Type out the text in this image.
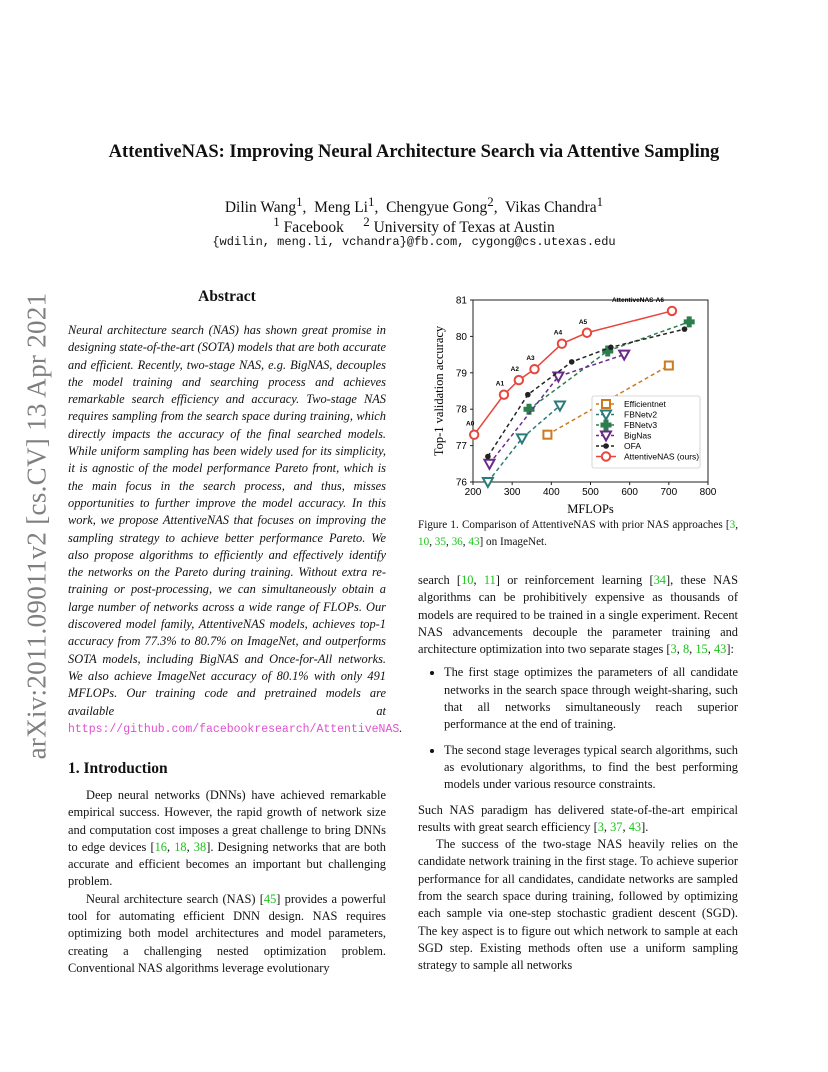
arXiv:2011.09011v2 [cs.CV] 13 Apr 2021
AttentiveNAS: Improving Neural Architecture Search via Attentive Sampling
Dilin Wang$^1$,  Meng Li$^1$,  Chengyue Gong$^2$,  Vikas Chandra$^1$
$^1$ Facebook $^2$ University of Texas at Austin
{wdilin, meng.li, vchandra}@fb.com, cygong@cs.utexas.edu
Abstract
Neural architecture search (NAS) has shown great promise in designing state-of-the-art (SOTA) models that are both accurate and efficient. Recently, two-stage NAS, e.g. BigNAS, decouples the model training and searching process and achieves remarkable search efficiency and accuracy. Two-stage NAS requires sampling from the search space during training, which directly impacts the accuracy of the final searched models. While uniform sampling has been widely used for its simplicity, it is agnostic of the model performance Pareto front, which is the main focus in the search process, and thus, misses opportunities to further improve the model accuracy. In this work, we propose AttentiveNAS that focuses on improving the sampling strategy to achieve better performance Pareto. We also propose algorithms to efficiently and effectively identify the networks on the Pareto during training. Without extra re-training or post-processing, we can simultaneously obtain a large number of networks across a wide range of FLOPs. Our discovered model family, AttentiveNAS models, achieves top-1 accuracy from 77.3% to 80.7% on ImageNet, and outperforms SOTA models, including BigNAS and Once-for-All networks. We also achieve ImageNet accuracy of 80.1% with only 491 MFLOPs. Our training code and pretrained models are available at https://github.com/facebookresearch/AttentiveNAS.
1. Introduction

Deep neural networks (DNNs) have achieved remarkable empirical success. However, the rapid growth of network size and computation cost imposes a great challenge to bring DNNs to edge devices [16, 18, 38]. Designing networks that are both accurate and efficient becomes an important but challenging problem.

Neural architecture search (NAS) [45] provides a powerful tool for automating efficient DNN design. NAS requires optimizing both model architectures and model parameters, creating a challenging nested optimization problem. Conventional NAS algorithms leverage evolutionary

200 300 400 500 600 700 800
76
77
78
79
80
81
MFLOPs
Top-1 validation accuracy	A0
A1
A2
A3
A4
A5
AttentiveNAS-A6
Efficientnet
FBNetv2
FBNetv3
BigNas
OFA
AttentiveNAS (ours)
Figure 1. Comparison of AttentiveNAS with prior NAS approaches [3, 10, 35, 36, 43] on ImageNet.

search [10, 11] or reinforcement learning [34], these NAS algorithms can be prohibitively expensive as thousands of models are required to be trained in a single experiment. Recent NAS advancements decouple the parameter training and architecture optimization into two separate stages [3, 8, 15, 43]:

• The first stage optimizes the parameters of all candidate networks in the search space through weight-sharing, such that all networks simultaneously reach superior performance at the end of training.
• The second stage leverages typical search algorithms, such as evolutionary algorithms, to find the best performing models under various resource constraints.

Such NAS paradigm has delivered state-of-the-art empirical results with great search efficiency [3, 37, 43].

The success of the two-stage NAS heavily relies on the candidate network training in the first stage. To achieve superior performance for all candidates, candidate networks are sampled from the search space during training, followed by optimizing each sample via one-step stochastic gradient descent (SGD). The key aspect is to figure out which network to sample at each SGD step. Existing methods often use a uniform sampling strategy to sample all networks
